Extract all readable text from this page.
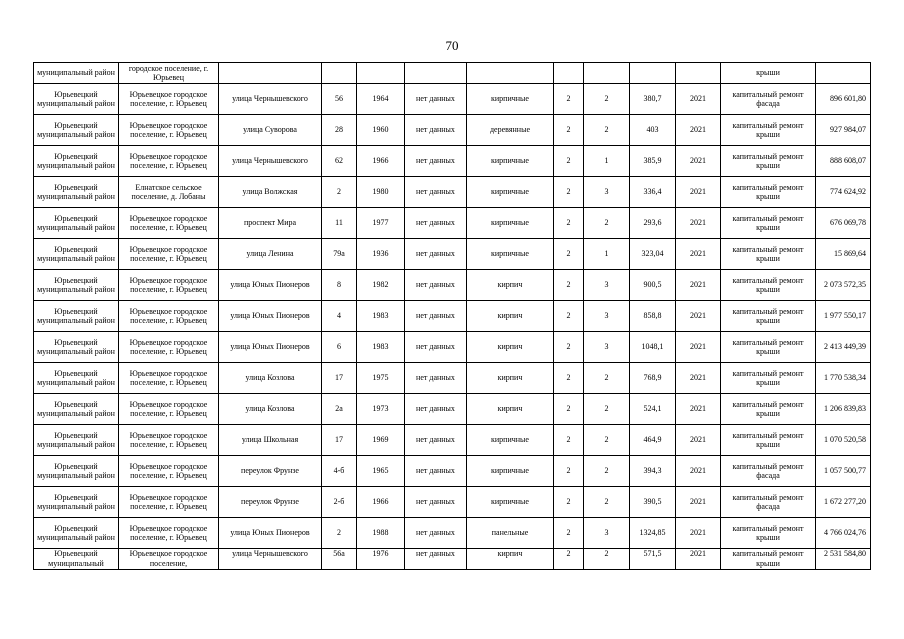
70
муниципальный район	городское поселение, г. Юрьевец										крыши	
Юрьевецкий муниципальный район	Юрьевецкое городское поселение, г. Юрьевец	улица Чернышевского	56	1964	нет данных	кирпичные	2	2	380,7	2021	капитальный ремонт фасада	896 601,80
Юрьевецкий муниципальный район	Юрьевецкое городское поселение, г. Юрьевец	улица Суворова	28	1960	нет данных	деревянные	2	2	403	2021	капитальный ремонт крыши	927 984,07
Юрьевецкий муниципальный район	Юрьевецкое городское поселение, г. Юрьевец	улица Чернышевского	62	1966	нет данных	кирпичные	2	1	385,9	2021	капитальный ремонт крыши	888 608,07
Юрьевецкий муниципальный район	Елнатское сельское поселение, д. Лобаны	улица Волжская	2	1980	нет данных	кирпичные	2	3	336,4	2021	капитальный ремонт крыши	774 624,92
Юрьевецкий муниципальный район	Юрьевецкое городское поселение, г. Юрьевец	проспект Мира	11	1977	нет данных	кирпичные	2	2	293,6	2021	капитальный ремонт крыши	676 069,78
Юрьевецкий муниципальный район	Юрьевецкое городское поселение, г. Юрьевец	улица Ленина	79а	1936	нет данных	кирпичные	2	1	323,04	2021	капитальный ремонт крыши	15 869,64
Юрьевецкий муниципальный район	Юрьевецкое городское поселение, г. Юрьевец	улица Юных Пионеров	8	1982	нет данных	кирпич	2	3	900,5	2021	капитальный ремонт крыши	2 073 572,35
Юрьевецкий муниципальный район	Юрьевецкое городское поселение, г. Юрьевец	улица Юных Пионеров	4	1983	нет данных	кирпич	2	3	858,8	2021	капитальный ремонт крыши	1 977 550,17
Юрьевецкий муниципальный район	Юрьевецкое городское поселение, г. Юрьевец	улица Юных Пионеров	6	1983	нет данных	кирпич	2	3	1048,1	2021	капитальный ремонт крыши	2 413 449,39
Юрьевецкий муниципальный район	Юрьевецкое городское поселение, г. Юрьевец	улица Козлова	17	1975	нет данных	кирпич	2	2	768,9	2021	капитальный ремонт крыши	1 770 538,34
Юрьевецкий муниципальный район	Юрьевецкое городское поселение, г. Юрьевец	улица Козлова	2а	1973	нет данных	кирпич	2	2	524,1	2021	капитальный ремонт крыши	1 206 839,83
Юрьевецкий муниципальный район	Юрьевецкое городское поселение, г. Юрьевец	улица Школьная	17	1969	нет данных	кирпичные	2	2	464,9	2021	капитальный ремонт крыши	1 070 520,58
Юрьевецкий муниципальный район	Юрьевецкое городское поселение, г. Юрьевец	переулок Фрунзе	4-б	1965	нет данных	кирпичные	2	2	394,3	2021	капитальный ремонт фасада	1 057 500,77
Юрьевецкий муниципальный район	Юрьевецкое городское поселение, г. Юрьевец	переулок Фрунзе	2-б	1966	нет данных	кирпичные	2	2	390,5	2021	капитальный ремонт фасада	1 672 277,20
Юрьевецкий муниципальный район	Юрьевецкое городское поселение, г. Юрьевец	улица Юных Пионеров	2	1988	нет данных	панельные	2	3	1324,85	2021	капитальный ремонт крыши	4 766 024,76
Юрьевецкий муниципальный	Юрьевецкое городское поселение,	улица Чернышевского	56а	1976	нет данных	кирпич	2	2	571,5	2021	капитальный ремонт крыши	2 531 584,80
